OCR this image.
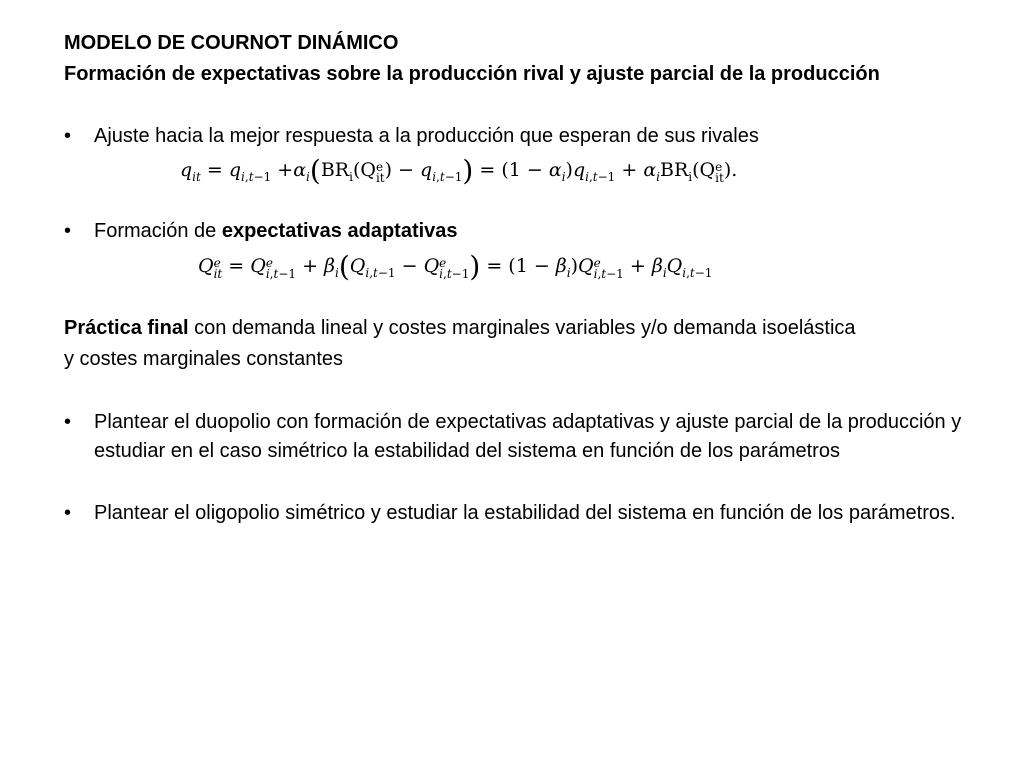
MODELO DE COURNOT DINÁMICO
Formación de expectativas sobre la producción rival y ajuste parcial de la producción
• Ajuste hacia la mejor respuesta a la producción que esperan de sus rivales
$q_{it} = q_{i,t-1} +\alpha_i(BR_i(Q$ e
it ) − $q_{i,t-1}) = (1 - \alpha_i)q_{i,t-1} + \alpha_iBR_i(Q$ e
it ).
• Formación de expectativas adaptativas
Q e
it = Q e
$i,t-1 + \beta_i(Q_{i,t-1} - Q$ e
i,t−1 ) = $(1 - \beta_i)Q$ e
$i,t-1 + \beta_iQ_{i,t-1}$
Práctica final con demanda lineal y costes marginales variables y/o demanda isoelástica
y costes marginales constantes
• Plantear el duopolio con formación de expectativas adaptativas y ajuste parcial de la producción y estudiar en el caso simétrico la estabilidad del sistema en función de los parámetros
• Plantear el oligopolio simétrico y estudiar la estabilidad del sistema en función de los parámetros.
